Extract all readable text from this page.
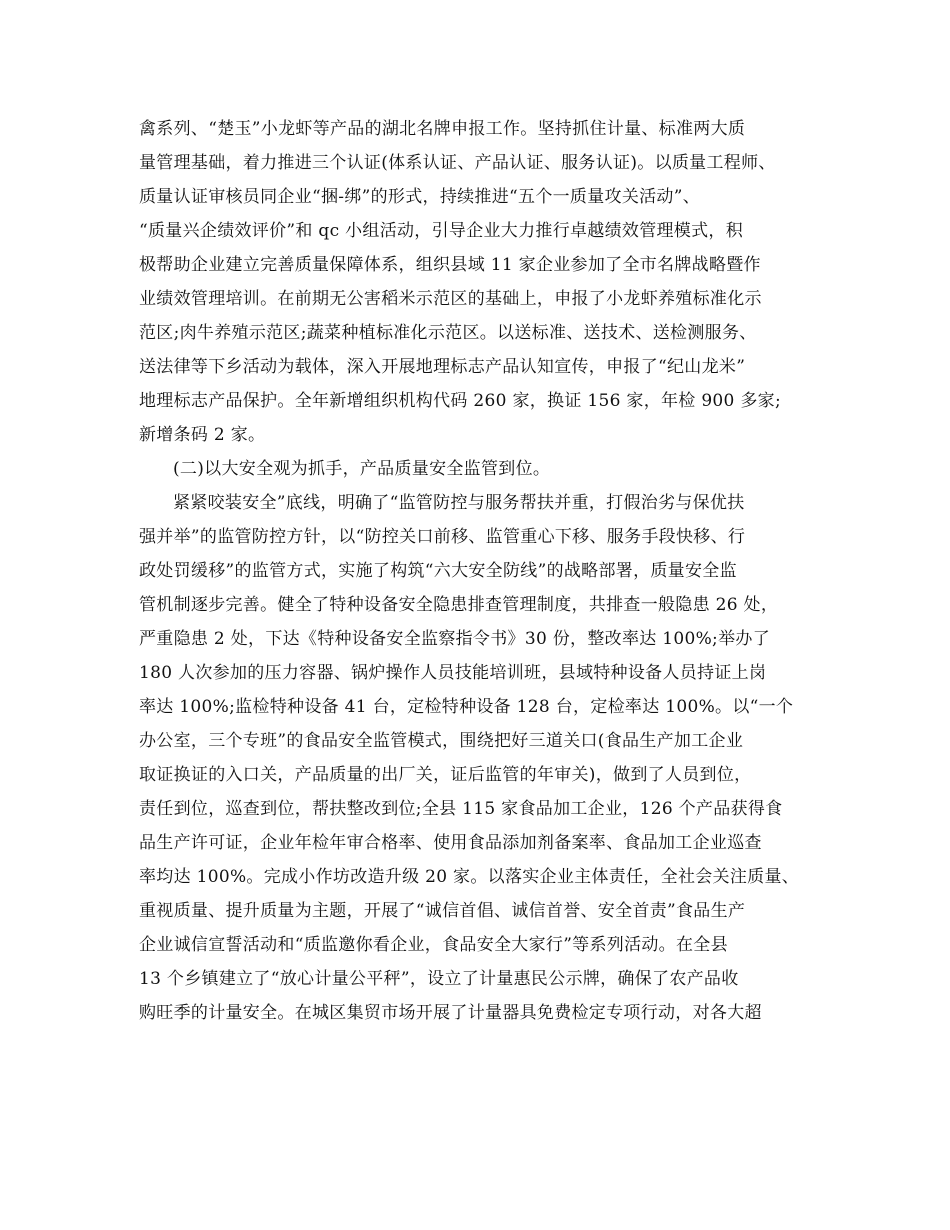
禽系列、“楚玉”小龙虾等产品的湖北名牌申报工作。坚持抓住计量、标准两大质
量管理基础，着力推进三个认证(体系认证、产品认证、服务认证)。以质量工程师、
质量认证审核员同企业“捆-绑”的形式，持续推进“五个一质量攻关活动”、
“质量兴企绩效评价”和 qc 小组活动，引导企业大力推行卓越绩效管理模式，积
极帮助企业建立完善质量保障体系，组织县域 11 家企业参加了全市名牌战略暨作
业绩效管理培训。在前期无公害稻米示范区的基础上，申报了小龙虾养殖标准化示
范区;肉牛养殖示范区;蔬菜种植标准化示范区。以送标准、送技术、送检测服务、
送法律等下乡活动为载体，深入开展地理标志产品认知宣传，申报了“纪山龙米”
地理标志产品保护。全年新增组织机构代码 260 家，换证 156 家，年检 900 多家;
新增条码 2 家。
(二)以大安全观为抓手，产品质量安全监管到位。
紧紧咬装安全”底线，明确了“监管防控与服务帮扶并重，打假治劣与保优扶
强并举”的监管防控方针，以“防控关口前移、监管重心下移、服务手段快移、行
政处罚缓移”的监管方式，实施了构筑“六大安全防线”的战略部署，质量安全监
管机制逐步完善。健全了特种设备安全隐患排查管理制度，共排查一般隐患 26 处，
严重隐患 2 处，下达《特种设备安全监察指令书》30 份，整改率达 100%;举办了
180 人次参加的压力容器、锅炉操作人员技能培训班，县域特种设备人员持证上岗
率达 100%;监检特种设备 41 台，定检特种设备 128 台，定检率达 100%。以“一个
办公室，三个专班”的食品安全监管模式，围绕把好三道关口(食品生产加工企业
取证换证的入口关，产品质量的出厂关，证后监管的年审关)，做到了人员到位，
责任到位，巡查到位，帮扶整改到位;全县 115 家食品加工企业，126 个产品获得食
品生产许可证，企业年检年审合格率、使用食品添加剂备案率、食品加工企业巡查
率均达 100%。完成小作坊改造升级 20 家。以落实企业主体责任，全社会关注质量、
重视质量、提升质量为主题，开展了“诚信首倡、诚信首誉、安全首责”食品生产
企业诚信宣誓活动和“质监邀你看企业，食品安全大家行”等系列活动。在全县
13 个乡镇建立了“放心计量公平秤”，设立了计量惠民公示牌，确保了农产品收
购旺季的计量安全。在城区集贸市场开展了计量器具免费检定专项行动，对各大超
